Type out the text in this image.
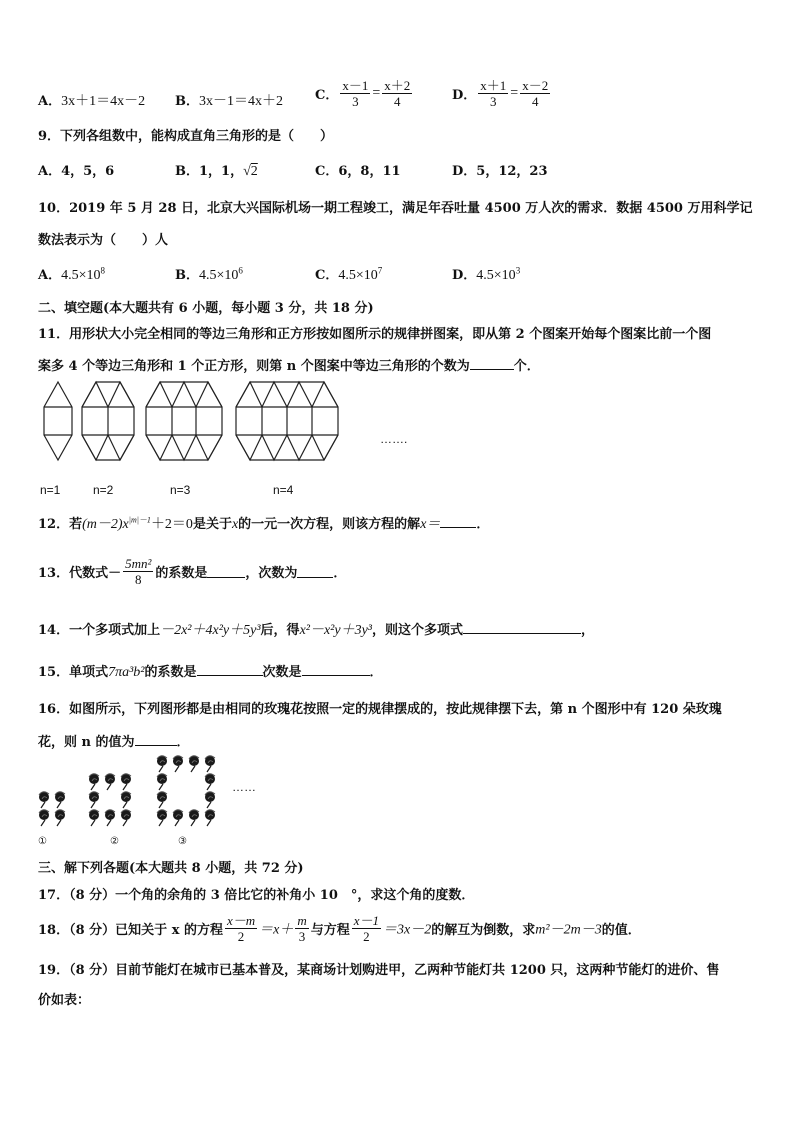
A．3x＋1＝4x－2 B．3x－1＝4x＋2 C． $\frac{x-1}{3} = \frac{x+2}{4}$	D． $\frac{x+1}{3} = \frac{x-2}{4}$
9．下列各组数中，能构成直角三角形的是（　　）
A．4，5，6	B．1，1，√2	C．6，8，11	D．5，12，23
10．2019 年 5 月 28 日，北京大兴国际机场一期工程竣工，满足年吞吐量 4500 万人次的需求．数据 4500 万用科学记
数法表示为（　　）人
A．$4.5\times 10^8$	B．$4.5\times 10^6$	C．$4.5\times 10^7$	D．$4.5\times 10^3$
二、填空题(本大题共有 6 小题，每小题 3 分，共 18 分)
11．用形状大小完全相同的等边三角形和正方形按如图所示的规律拼图案，即从第 2 个图案开始每个图案比前一个图
案多 4 个等边三角形和 1 个正方形，则第 n 个图案中等边三角形的个数为	个．
…….
n=1	n=2	n=3	n=4
12．若$(m-2)x^{|m|-1}+2=0$是关于x的一元一次方程，则该方程的解x＝	．
13．代数式－ $\frac{\text{5mn²}}{8}$ 的系数是	，次数为	．
14．一个多项式加上－2x²＋4x²y＋5y³后，得x²－x²y＋3y³，则这个多项式	，
15．单项式7πa³b²的系数是	次数是	．
16．如图所示，下列图形都是由相同的玫瑰花按照一定的规律摆成的，按此规律摆下去，第 n 个图形中有 120 朵玫瑰
花，则 n 的值为	．
……
①	②	③
三、解下列各题(本大题共 8 小题，共 72 分)
17．（8 分）一个角的余角的 3 倍比它的补角小 10　°，求这个角的度数．
18．（8 分）已知关于 x 的方程 $\frac{x-m}{2} =x+ \frac{m}{3}$ 与方程 $\frac{x-1}{2} =3x-2$的解互为倒数，求m²－2m－3的值．
19．（8 分）目前节能灯在城市已基本普及，某商场计划购进甲，乙两种节能灯共 1200 只，这两种节能灯的进价、售
价如表：
